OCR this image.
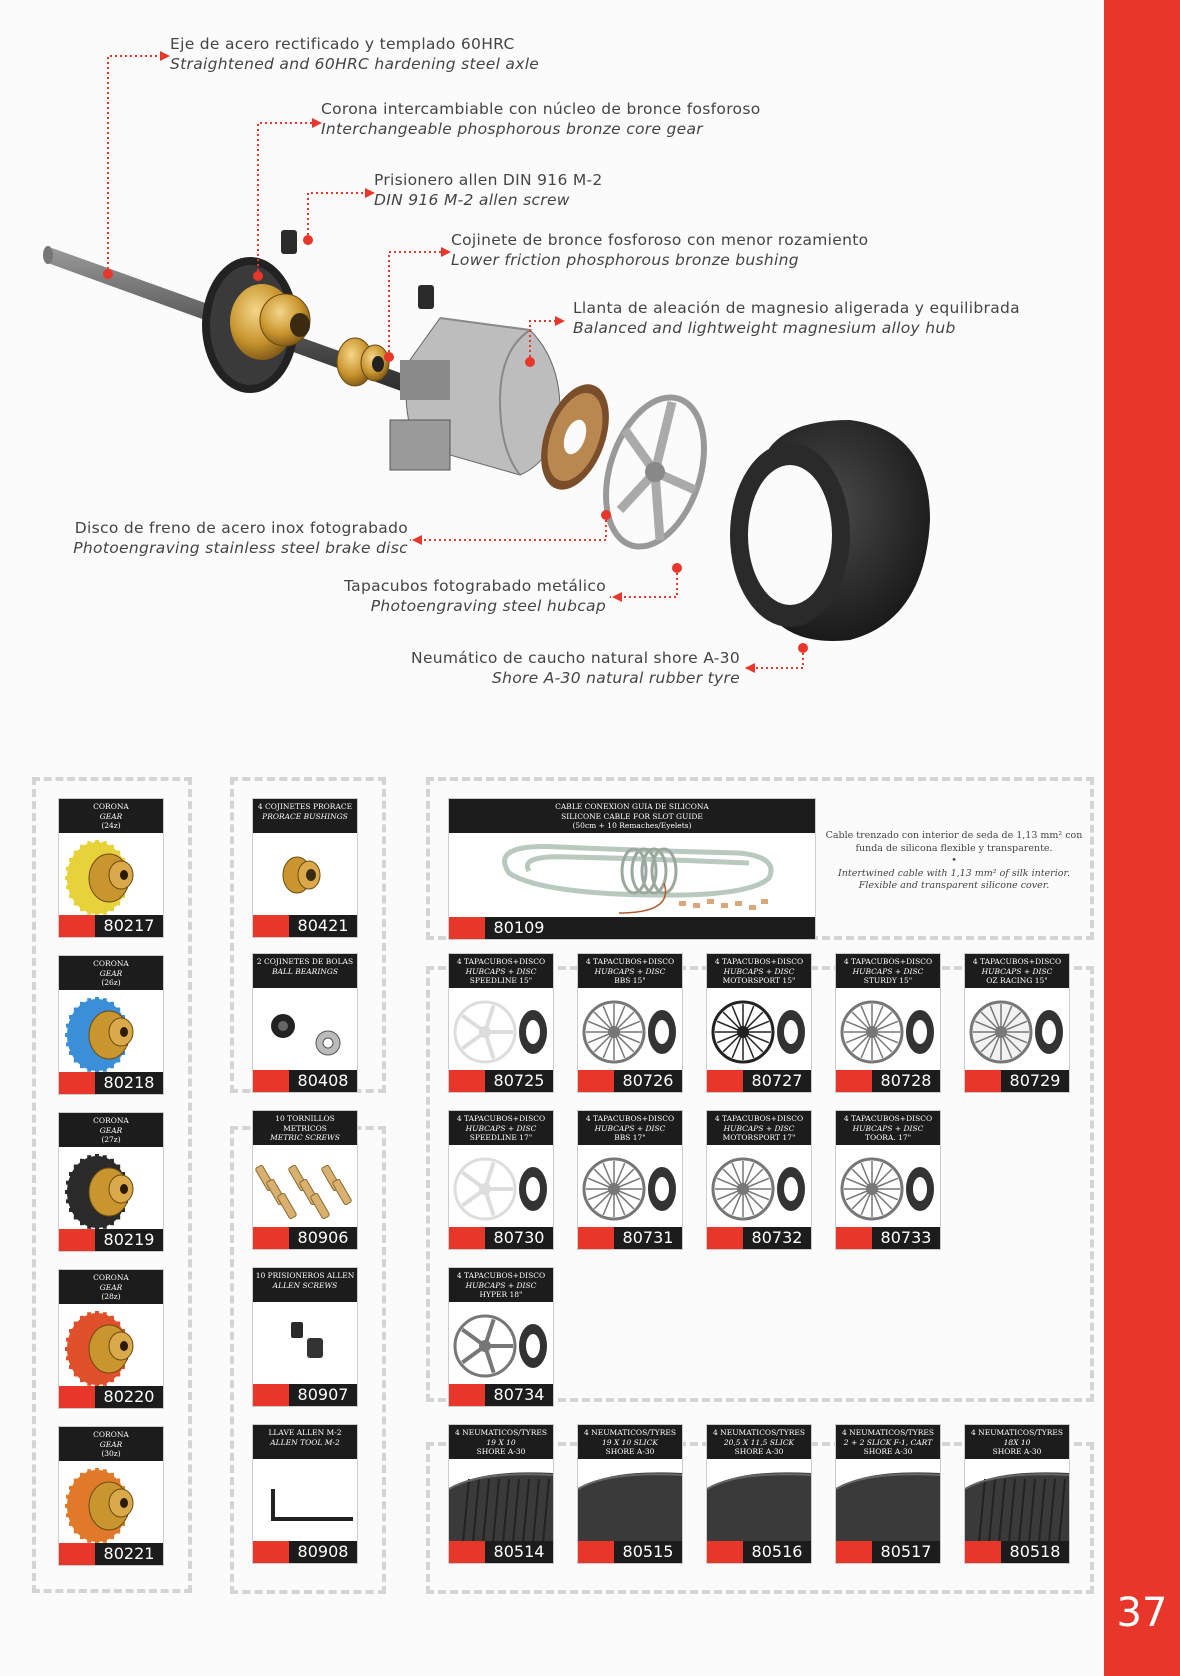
37
Eje de acero rectificado y templado 60HRC
Straightened and 60HRC hardening steel axle
Corona intercambiable con núcleo de bronce fosforoso
Interchangeable phosphorous bronze core gear
Prisionero allen DIN 916 M-2
DIN 916 M-2 allen screw
Cojinete de bronce fosforoso con menor rozamiento
Lower friction phosphorous bronze bushing
Llanta de aleación de magnesio aligerada y equilibrada
Balanced and lightweight magnesium alloy hub
Disco de freno de acero inox fotograbado
Photoengraving stainless steel brake disc
Tapacubos fotograbado metálico
Photoengraving steel hubcap
Neumático de caucho natural shore A-30
Shore A-30 natural rubber tyre
CORONA
GEAR
(24z)
80217
CORONA
GEAR
(26z)
80218
CORONA
GEAR
(27z)
80219
CORONA
GEAR
(28z)
80220
CORONA
GEAR
(30z)
80221
4 COJINETES PRORACE
PRORACE BUSHINGS
80421
2 COJINETES DE BOLAS
BALL BEARINGS
80408
10 TORNILLOS METRICOS
METRIC SCREWS
80906
10 PRISIONEROS ALLEN
ALLEN SCREWS
80907
LLAVE ALLEN M-2
ALLEN TOOL M-2
80908
4 TAPACUBOS+DISCO
HUBCAPS + DISC
SPEEDLINE 15"
80725
4 TAPACUBOS+DISCO
HUBCAPS + DISC
BBS 15"
80726
4 TAPACUBOS+DISCO
HUBCAPS + DISC
MOTORSPORT 15"
80727
4 TAPACUBOS+DISCO
HUBCAPS + DISC
STURDY 15"
80728
4 TAPACUBOS+DISCO
HUBCAPS + DISC
OZ RACING 15"
80729
4 TAPACUBOS+DISCO
HUBCAPS + DISC
SPEEDLINE 17"
80730
4 TAPACUBOS+DISCO
HUBCAPS + DISC
BBS 17"
80731
4 TAPACUBOS+DISCO
HUBCAPS + DISC
MOTORSPORT 17"
80732
4 TAPACUBOS+DISCO
HUBCAPS + DISC
TOORA. 17"
80733
4 TAPACUBOS+DISCO
HUBCAPS + DISC
HYPER 18"
80734
4 NEUMATICOS/TYRES
19 X 10
SHORE A-30
80514
4 NEUMATICOS/TYRES
19 X 10 SLICK
SHORE A-30
80515
4 NEUMATICOS/TYRES
20,5 X 11,5 SLICK
SHORE A-30
80516
4 NEUMATICOS/TYRES
2 + 2 SLICK F-1, CART
SHORE A-30
80517
4 NEUMATICOS/TYRES
18X 10
SHORE A-30
80518
CABLE CONEXION GUIA DE SILICONA
SILICONE CABLE FOR SLOT GUIDE
(50cm + 10 Remaches/Eyelets)
80109
Cable trenzado con interior de seda de 1,13 mm² con funda de silicona flexible y transparente.
•
Intertwined cable with 1,13 mm² of silk interior. Flexible and transparent silicone cover.
